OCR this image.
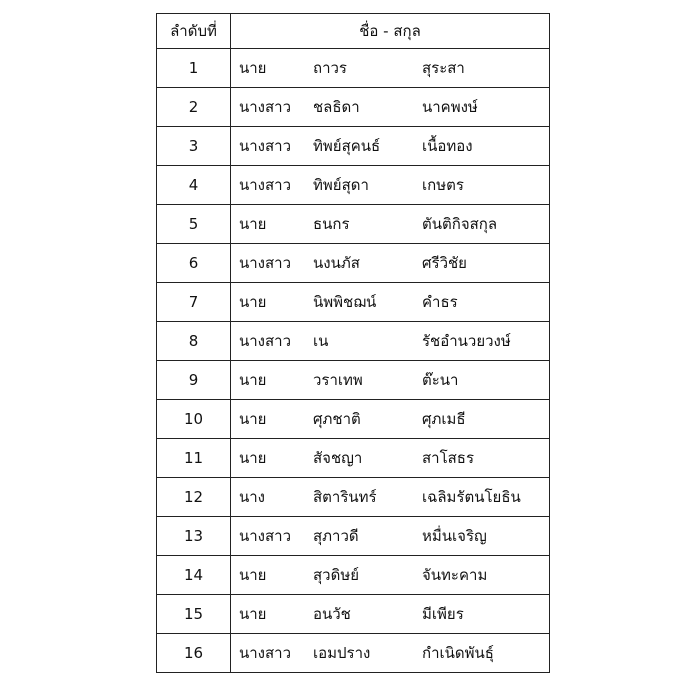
ลำดับที่	ชื่อ - สกุล
1	นาย ถาวร สุระสา

2	นางสาว ชลธิดา นาคพงษ์

3	นางสาว ทิพย์สุคนธ์ เนื้อทอง

4	นางสาว ทิพย์สุดา เกษตร

5	นาย ธนกร ตันติกิจสกุล

6	นางสาว นงนภัส ศรีวิชัย

7	นาย นิพพิชฌน์ คำธร

8	นางสาว เน รัชอำนวยวงษ์

9	นาย วราเทพ ต๊ะนา

10	นาย ศุภชาติ ศุภเมธี

11	นาย สัจชญา สาโสธร

12	นาง สิตารินทร์ เฉลิมรัตนโยธิน

13	นางสาว สุภาวดี หมื่นเจริญ

14	นาย สุวดิษย์ จันทะคาม

15	นาย อนวัช มีเพียร

16	นางสาว เอมปราง กำเนิดพันธุ์
